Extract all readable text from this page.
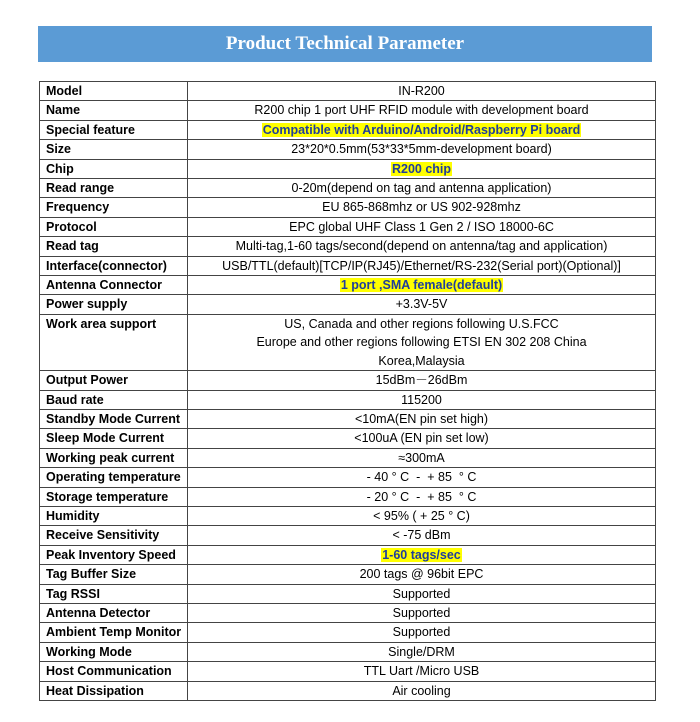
Product Technical Parameter
Model	IN-R200
Name	R200 chip 1 port UHF RFID module with development board
Special feature	Compatible with Arduino/Android/Raspberry Pi board
Size	23*20*0.5mm(53*33*5mm-development board)
Chip	R200 chip
Read range	0-20m(depend on tag and antenna application)
Frequency	EU 865-868mhz or US 902-928mhz
Protocol	EPC global UHF Class 1 Gen 2 / ISO 18000-6C
Read tag	Multi-tag,1-60 tags/second(depend on antenna/tag and application)
Interface(connector)	USB/TTL(default)[TCP/IP(RJ45)/Ethernet/RS-232(Serial port)(Optional)]
Antenna Connector	1 port ,SMA female(default)
Power supply	+3.3V-5V
Work area support	US, Canada and other regions following U.S.FCC
Europe and other regions following ETSI EN 302 208 China
Korea,Malaysia

Output Power	15dBm－26dBm
Baud rate	115200
Standby Mode Current	<10mA(EN pin set high)
Sleep Mode Current	<100uA (EN pin set low)
Working peak current	≈300mA
Operating temperature	- 40 ° C  -  + 85  ° C
Storage temperature	- 20 ° C  -  + 85  ° C
Humidity	< 95% ( + 25 ° C)
Receive Sensitivity	< -75 dBm
Peak Inventory Speed	1-60 tags/sec
Tag Buffer Size	200 tags @ 96bit EPC
Tag RSSI	Supported
Antenna Detector	Supported
Ambient Temp Monitor	Supported
Working Mode	Single/DRM
Host Communication	TTL Uart /Micro USB
Heat Dissipation	Air cooling
